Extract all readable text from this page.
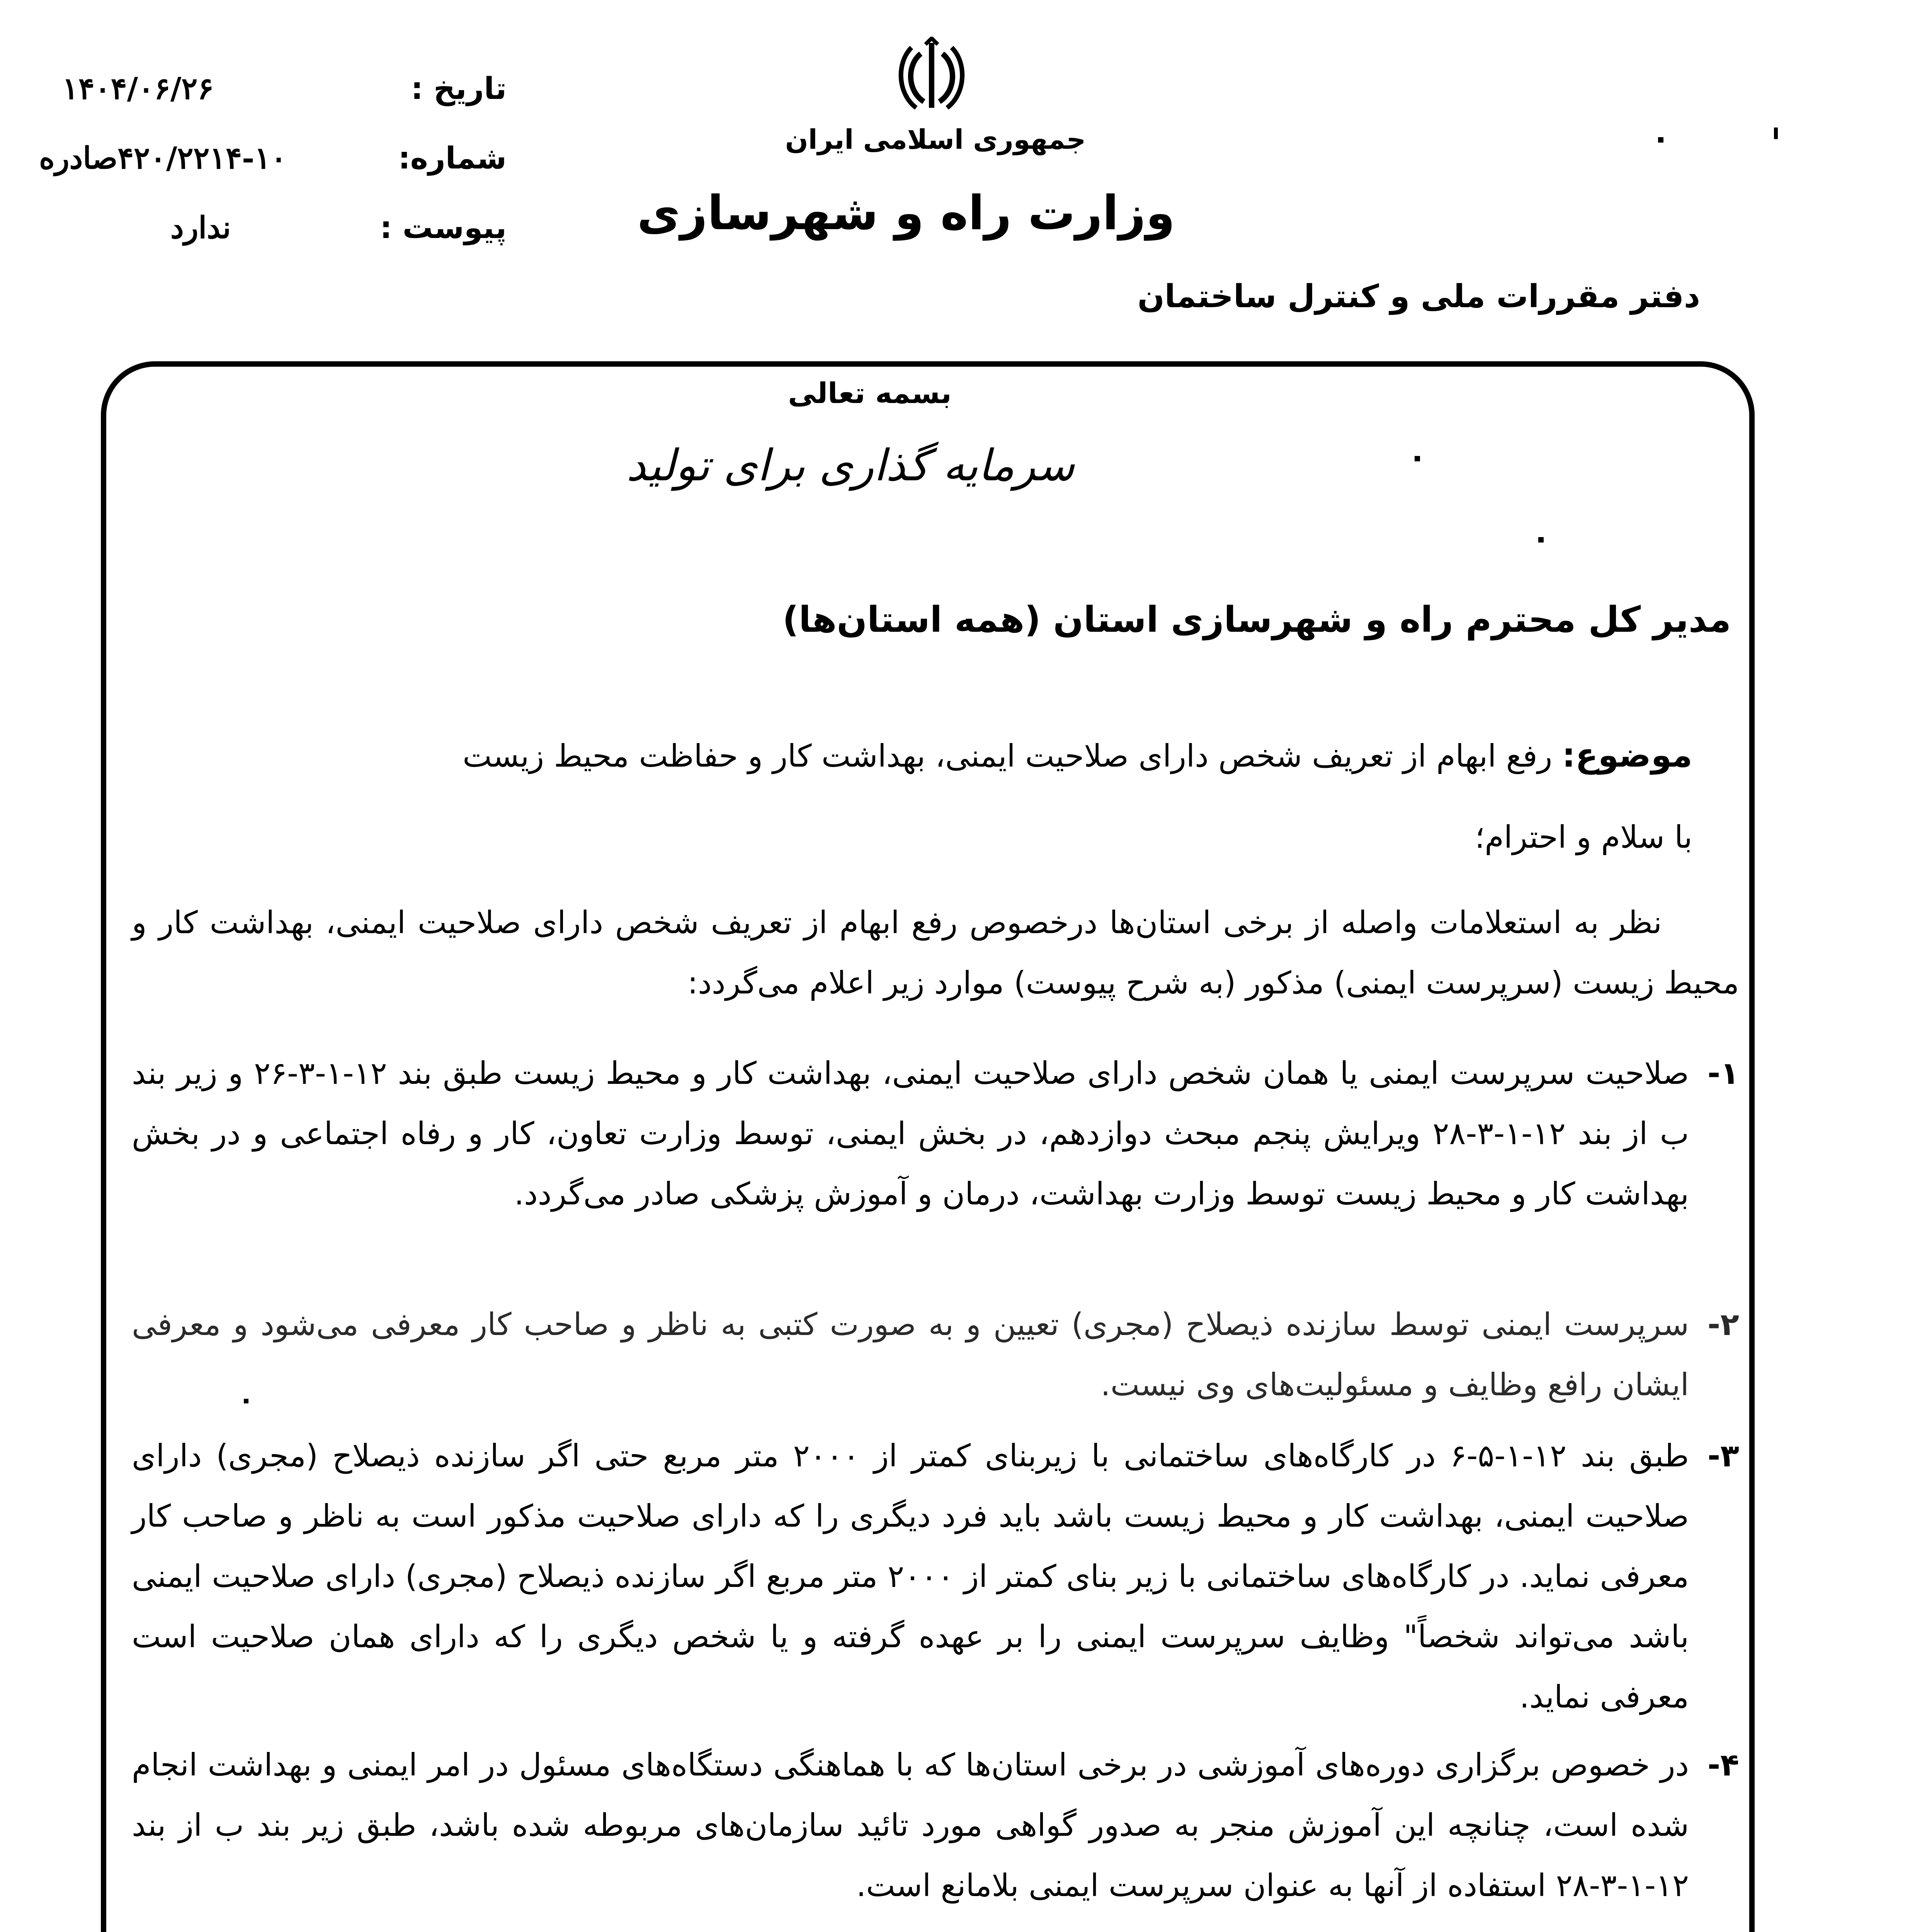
تاریخ :
۱۴۰۴/۰۶/۲۶
شماره:
۴۲۰/۲۲۱۴-۱۰صادره
پیوست :
ندارد
جمهوری اسلامی ایران
وزارت راه و شهرسازی
دفتر مقررات ملی و کنترل ساختمان
بسمه تعالی
سرمایه گذاری برای تولید
مدیر کل محترم راه و شهرسازی استان (همه استان‌ها)
موضوع: رفع ابهام از تعریف شخص دارای صلاحیت ایمنی، بهداشت کار و حفاظت محیط زیست
با سلام و احترام؛
نظر به استعلامات واصله از برخی استان‌ها درخصوص رفع ابهام از تعریف شخص دارای صلاحیت ایمنی، بهداشت کار و محیط زیست (سرپرست ایمنی) مذکور (به شرح پیوست) موارد زیر اعلام می‌گردد:
۱-
صلاحیت سرپرست ایمنی یا همان شخص دارای صلاحیت ایمنی، بهداشت کار و محیط زیست طبق بند ۱۲-۱-۳-۲۶ و زیر بند ب از بند ۱۲-۱-۳-۲۸ ویرایش پنجم مبحث دوازدهم، در بخش ایمنی، توسط وزارت تعاون، کار و رفاه اجتماعی و در بخش بهداشت کار و محیط زیست توسط وزارت بهداشت، درمان و آموزش پزشکی صادر می‌گردد.
۲-
سرپرست ایمنی توسط سازنده ذیصلاح (مجری) تعیین و به صورت کتبی به ناظر و صاحب کار معرفی می‌شود و معرفی ایشان رافع وظایف و مسئولیت‌های وی نیست.
۳-
طبق بند ۱۲-۱-۵-۶ در کارگاه‌های ساختمانی با زیربنای کمتر از ۲۰۰۰ متر مربع حتی اگر سازنده ذیصلاح (مجری) دارای صلاحیت ایمنی، بهداشت کار و محیط زیست باشد باید فرد دیگری را که دارای صلاحیت مذکور است به ناظر و صاحب کار معرفی نماید. در کارگاه‌های ساختمانی با زیر بنای کمتر از ۲۰۰۰ متر مربع اگر سازنده ذیصلاح (مجری) دارای صلاحیت ایمنی باشد می‌تواند شخصاً" وظایف سرپرست ایمنی را بر عهده گرفته و یا شخص دیگری را که دارای همان صلاحیت است معرفی نماید.
۴-
در خصوص برگزاری دوره‌های آموزشی در برخی استان‌ها که با هماهنگی دستگاه‌های مسئول در امر ایمنی و بهداشت انجام شده است، چنانچه این آموزش منجر به صدور گواهی مورد تائید سازمان‌های مربوطه شده باشد، طبق زیر بند ب از بند ۱۲-۱-۳-۲۸ استفاده از آنها به عنوان سرپرست ایمنی بلامانع است.
